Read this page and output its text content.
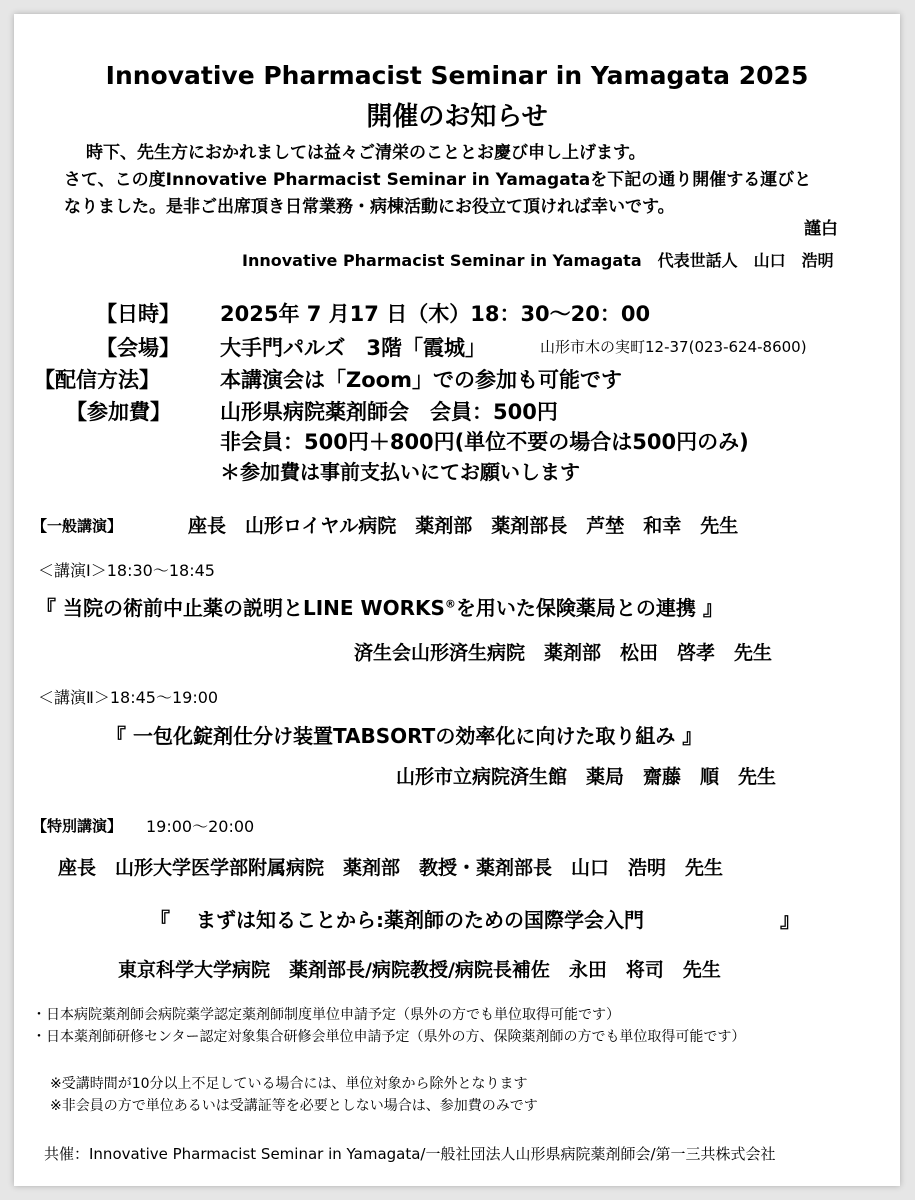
Innovative Pharmacist Seminar in Yamagata 2025
開催のお知らせ
時下、先生方におかれましては益々ご清栄のこととお慶び申し上げます。
さて、この度Innovative Pharmacist Seminar in Yamagataを下記の通り開催する運びと
なりました。是非ご出席頂き日常業務・病棟活動にお役立て頂ければ幸いです。
謹白
Innovative Pharmacist Seminar in Yamagata　代表世話人　山口　浩明
【日時】 2025年 7 月17 日（木）18：30～20：00
【会場】 大手門パルズ　3階「霞城」	山形市木の実町12-37(023-624-8600)
【配信方法】	本講演会は「Zoom」での参加も可能です
【参加費】 山形県病院薬剤師会　会員：500円
非会員：500円＋800円(単位不要の場合は500円のみ)
＊参加費は事前支払いにてお願いします
【一般講演】	座長　山形ロイヤル病院　薬剤部　薬剤部長　芦埜　和幸　先生
＜講演Ⅰ＞18:30～18:45
『 当院の術前中止薬の説明とLINE WORKS®を用いた保険薬局との連携 』
済生会山形済生病院　薬剤部　松田　啓孝　先生
＜講演Ⅱ＞18:45～19:00
『 一包化錠剤仕分け装置TABSORTの効率化に向けた取り組み 』
山形市立病院済生館　薬局　齋藤　順　先生
【特別講演】 19:00～20:00
座長　山形大学医学部附属病院　薬剤部　教授・薬剤部長　山口　浩明　先生
『 まずは知ることから:薬剤師のための国際学会入門	』
東京科学大学病院　薬剤部長/病院教授/病院長補佐　永田　将司　先生
・日本病院薬剤師会病院薬学認定薬剤師制度単位申請予定（県外の方でも単位取得可能です）
・日本薬剤師研修センター認定対象集合研修会単位申請予定（県外の方、保険薬剤師の方でも単位取得可能です）
※受講時間が10分以上不足している場合には、単位対象から除外となります
※非会員の方で単位あるいは受講証等を必要としない場合は、参加費のみです
共催：Innovative Pharmacist Seminar in Yamagata/一般社団法人山形県病院薬剤師会/第一三共株式会社
